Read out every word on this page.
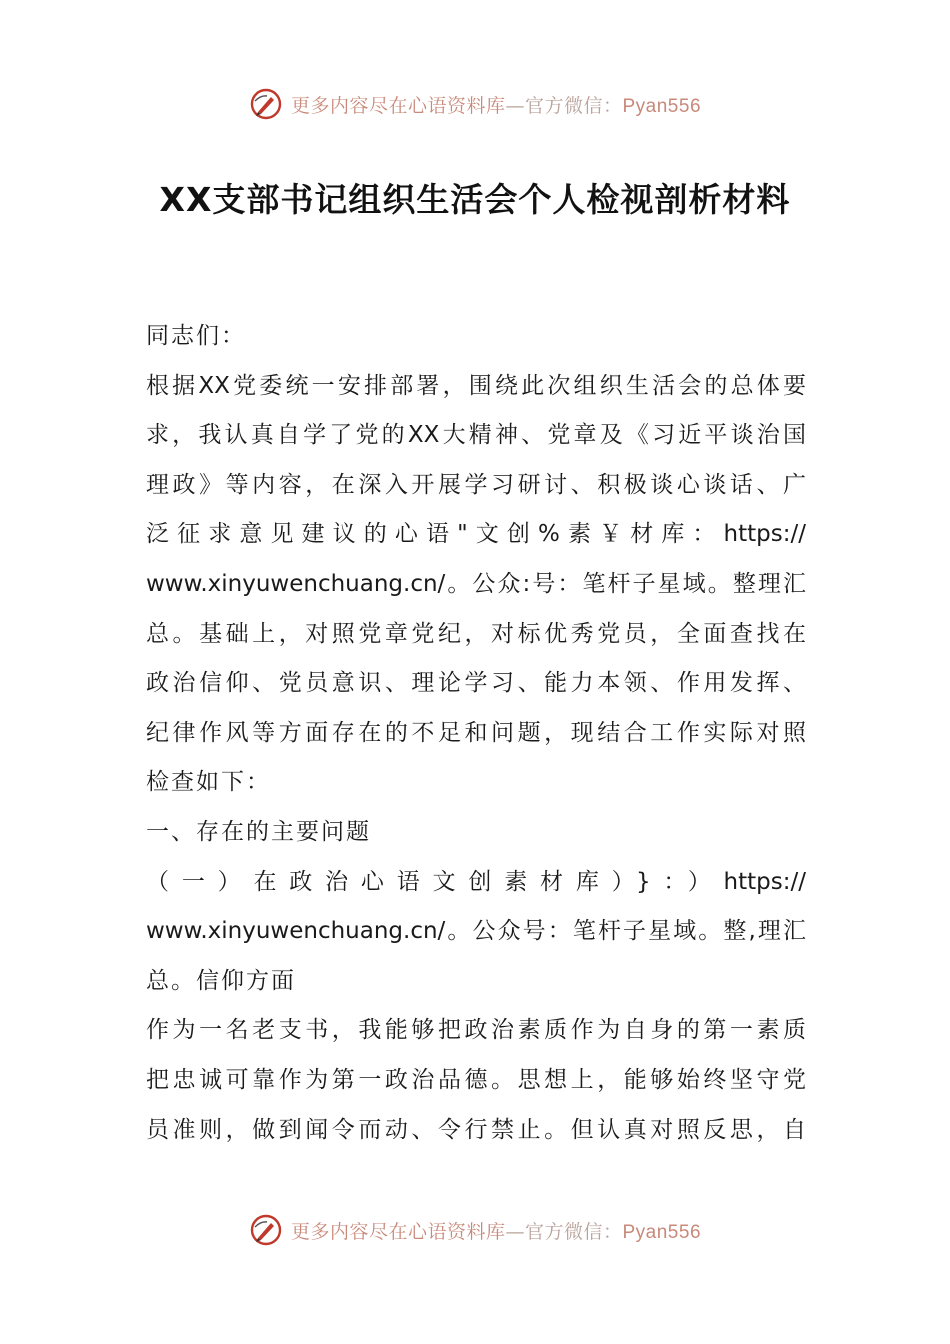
更多内容尽在心语资料库—官方微信：Pyan556
XX支部书记组织生活会个人检视剖析材料
同志们：
根据XX党委统一安排部署，围绕此次组织生活会的总体要
求，我认真自学了党的XX大精神、党章及《习近平谈治国
理政》等内容，在深入开展学习研讨、积极谈心谈话、广
泛征求意见建议的心语"文创%素￥材库：https://
www.xinyuwenchuang.cn/。公众:号：笔杆子星域。整理汇
总。基础上，对照党章党纪，对标优秀党员，全面查找在
政治信仰、党员意识、理论学习、能力本领、作用发挥、
纪律作风等方面存在的不足和问题，现结合工作实际对照
检查如下：
一、存在的主要问题
（一）在政治心语文创素材库）}：）https://
www.xinyuwenchuang.cn/。公众号：笔杆子星域。整,理汇
总。信仰方面
作为一名老支书，我能够把政治素质作为自身的第一素质
把忠诚可靠作为第一政治品德。思想上，能够始终坚守党
员准则，做到闻令而动、令行禁止。但认真对照反思，自
更多内容尽在心语资料库—官方微信：Pyan556
